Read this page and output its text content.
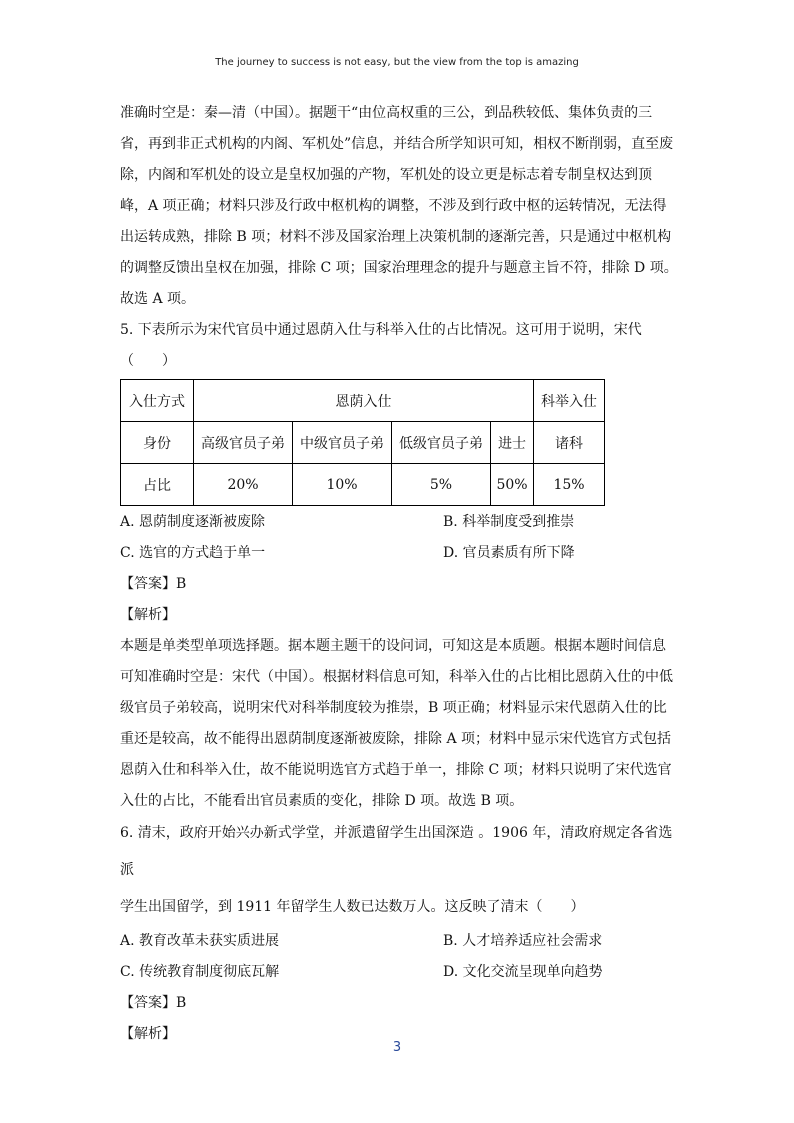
The journey to success is not easy, but the view from the top is amazing

准确时空是：秦—清（中国）。据题干“由位高权重的三公，到品秩较低、集体负责的三

省，再到非正式机构的内阁、军机处”信息，并结合所学知识可知，相权不断削弱，直至废

除，内阁和军机处的设立是皇权加强的产物，军机处的设立更是标志着专制皇权达到顶

峰，A 项正确；材料只涉及行政中枢机构的调整，不涉及到行政中枢的运转情况，无法得

出运转成熟，排除 B 项；材料不涉及国家治理上决策机制的逐渐完善，只是通过中枢机构

的调整反馈出皇权在加强，排除 C 项；国家治理理念的提升与题意主旨不符，排除 D 项。

故选 A 项。

5. 下表所示为宋代官员中通过恩荫入仕与科举入仕的占比情况。这可用于说明，宋代

（　　）

入仕方式	恩荫入仕				科举入仕
身份	高级官员子弟	中级官员子弟	低级官员子弟	进士	诸科
占比	20%	10%	5%	50%	15%
A. 恩荫制度逐渐被废除	B. 科举制度受到推崇
C. 选官的方式趋于单一	D. 官员素质有所下降

【答案】B

【解析】

本题是单类型单项选择题。据本题主题干的设问词，可知这是本质题。根据本题时间信息

可知准确时空是：宋代（中国）。根据材料信息可知，科举入仕的占比相比恩荫入仕的中低

级官员子弟较高，说明宋代对科举制度较为推崇，B 项正确；材料显示宋代恩荫入仕的比

重还是较高，故不能得出恩荫制度逐渐被废除，排除 A 项；材料中显示宋代选官方式包括

恩荫入仕和科举入仕，故不能说明选官方式趋于单一，排除 C 项；材料只说明了宋代选官

入仕的占比，不能看出官员素质的变化，排除 D 项。故选 B 项。

6. 清末，政府开始兴办新式学堂，并派遣留学生出国深造 。1906 年，清政府规定各省选派

学生出国留学，到 1911 年留学生人数已达数万人。这反映了清末（　　）

A. 教育改革未获实质进展	B. 人才培养适应社会需求
C. 传统教育制度彻底瓦解	D. 文化交流呈现单向趋势

【答案】B

【解析】

3
